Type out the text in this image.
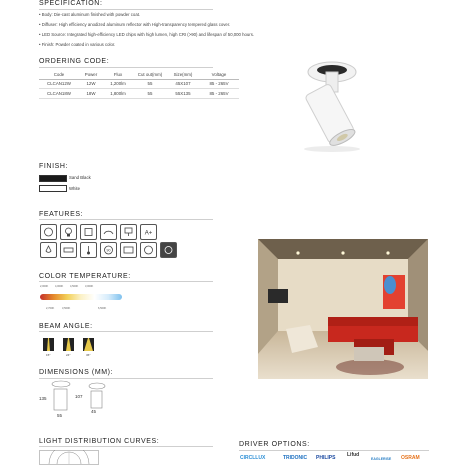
SPECIFICATION:
• Body: Die-cast aluminum finished with powder coat.
• Diffuser: High efficiency anodized aluminum reflector with High-transparency tempered glass cover.
• LED Source: Integrated high-efficiency LED chips with high lumen, high CRI (>90) and lifespan of 50,000 hours.
• Finish: Powder coated in various color.
ORDERING CODE:
Code	Power	Flux	Cut out(mm)	Size(mm)	Voltage
CLCAN12W	12W	1,200lm	55	45X107	85 - 265V
CLCAN18W	18W	1,800lm	55	55X135	85 - 265V
FINISH:
Sand Black
White
FEATURES:
A+
90
COLOR TEMPERATURE:
2,000K	4,000K	4,500K	3,000K
2,700K	3,500K	6,500K
BEAM ANGLE:
15°	24°	36°
DIMENSIONS (MM):
135
55
107
45
LIGHT DISTRIBUTION CURVES:	DRIVER OPTIONS:
CIRCLLUX	TRIDONIC PHILIPS Lifud
EAGLERISE OSRAM
